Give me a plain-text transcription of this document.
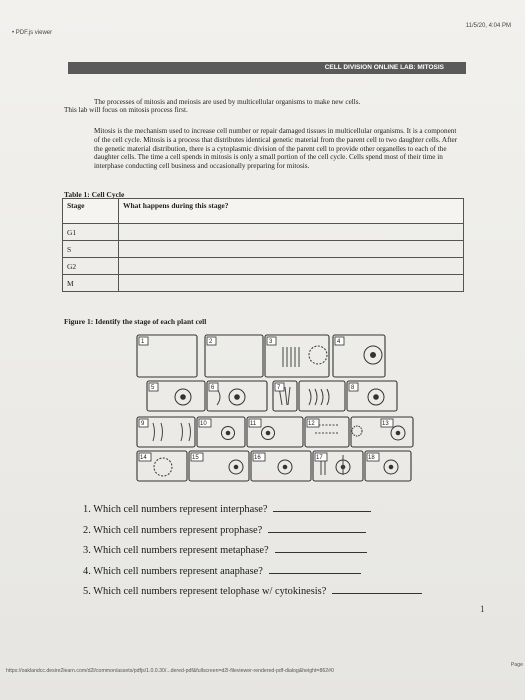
• PDF.js viewer
11/5/20, 4:04 PM
CELL DIVISION ONLINE LAB: MITOSIS
The processes of mitosis and meiosis are used by multicellular organisms to make new cells.
This lab will focus on mitosis process first.
Mitosis is the mechanism used to increase cell number or repair damaged tissues in multicellular organisms. It is a component of the cell cycle. Mitosis is a process that distributes identical genetic material from the parent cell to two daughter cells. After the genetic material distribution, there is a cytoplasmic division of the parent cell to provide other organelles to each of the daughter cells. The time a cell spends in mitosis is only a small portion of the cell cycle. Cells spend most of their time in interphase conducting cell business and occasionally preparing for mitosis.
Table 1: Cell Cycle
Stage	What happens during this stage?
G1	
S	
G2	
M	
Figure 1: Identify the stage of each plant cell
1	2	3	4
5	6	7	8
9	10	11	12	13
14	15	16	17	18
1. Which cell numbers represent interphase?
2. Which cell numbers represent prophase?
3. Which cell numbers represent metaphase?
4. Which cell numbers represent anaphase?
5. Which cell numbers represent telophase w/ cytokinesis?
1
https://oaklandcc.desire2learn.com/d2l/common/assets/pdfjs/1.0.0.30/...dered-pdf&fullscreen=d2l-fileviewer-rendered-pdf-dialog&height=862#0
Page
